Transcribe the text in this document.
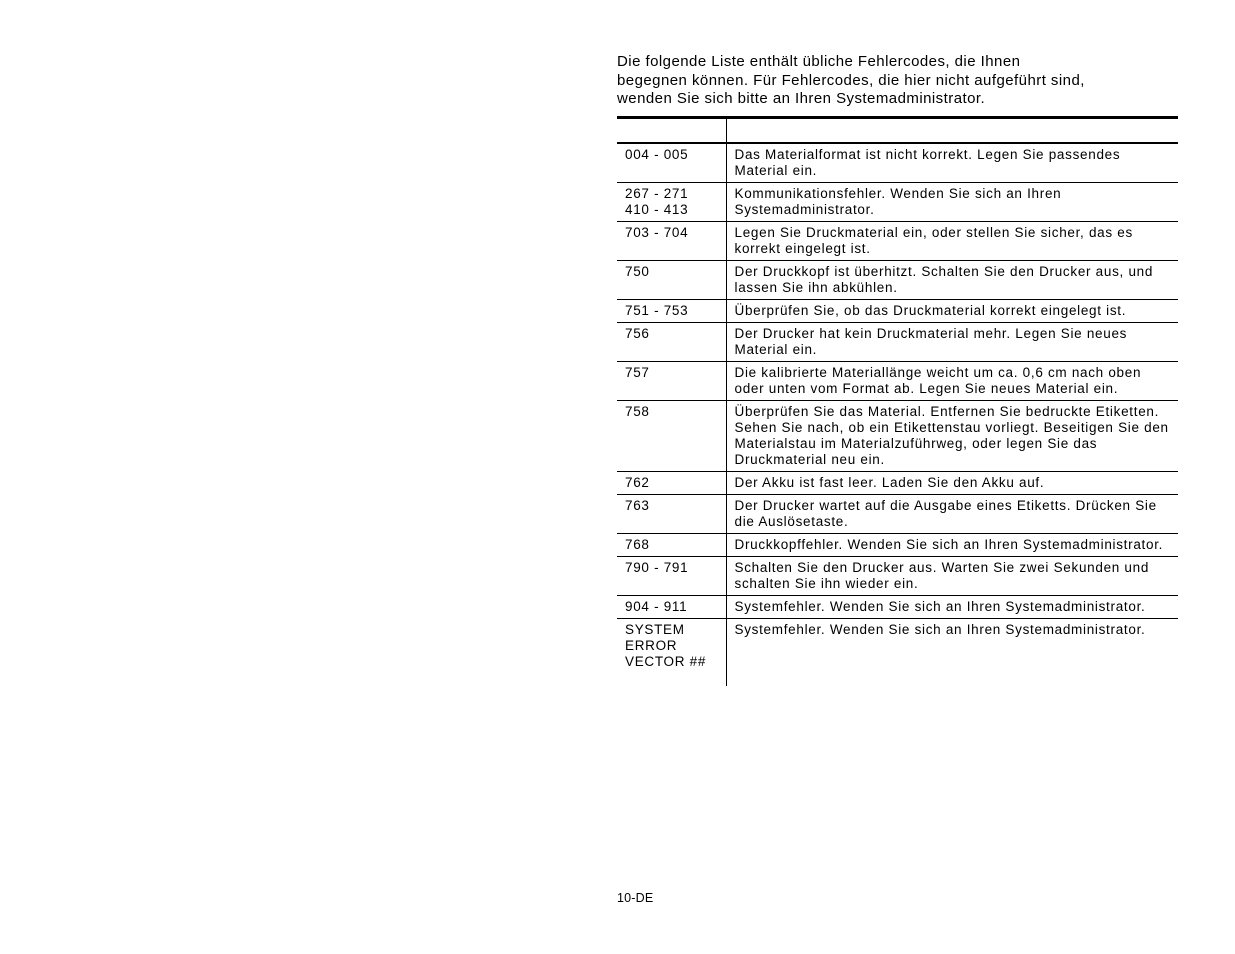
Die folgende Liste enthält übliche Fehlercodes, die Ihnen
begegnen können. Für Fehlercodes, die hier nicht aufgeführt sind,
wenden Sie sich bitte an Ihren Systemadministrator.

004 - 005	Das Materialformat ist nicht korrekt. Legen Sie passendes Material ein.
267 - 271
410 - 413	Kommunikationsfehler. Wenden Sie sich an Ihren Systemadministrator.
703 - 704	Legen Sie Druckmaterial ein, oder stellen Sie sicher, das es korrekt eingelegt ist.
750	Der Druckkopf ist überhitzt. Schalten Sie den Drucker aus, und lassen Sie ihn abkühlen.
751 - 753	Überprüfen Sie, ob das Druckmaterial korrekt eingelegt ist.
756	Der Drucker hat kein Druckmaterial mehr. Legen Sie neues Material ein.
757	Die kalibrierte Materiallänge weicht um ca. 0,6 cm nach oben oder unten vom Format ab. Legen Sie neues Material ein.
758	Überprüfen Sie das Material. Entfernen Sie bedruckte Etiketten. Sehen Sie nach, ob ein Etikettenstau vorliegt. Beseitigen Sie den Materialstau im Materialzuführweg, oder legen Sie das Druckmaterial neu ein.
762	Der Akku ist fast leer. Laden Sie den Akku auf.
763	Der Drucker wartet auf die Ausgabe eines Etiketts. Drücken Sie die Auslösetaste.
768	Druckkopffehler. Wenden Sie sich an Ihren Systemadministrator.
790 - 791	Schalten Sie den Drucker aus. Warten Sie zwei Sekunden und schalten Sie ihn wieder ein.
904 - 911	Systemfehler. Wenden Sie sich an Ihren Systemadministrator.
SYSTEM
ERROR
VECTOR ##	Systemfehler. Wenden Sie sich an Ihren Systemadministrator.
10-DE
